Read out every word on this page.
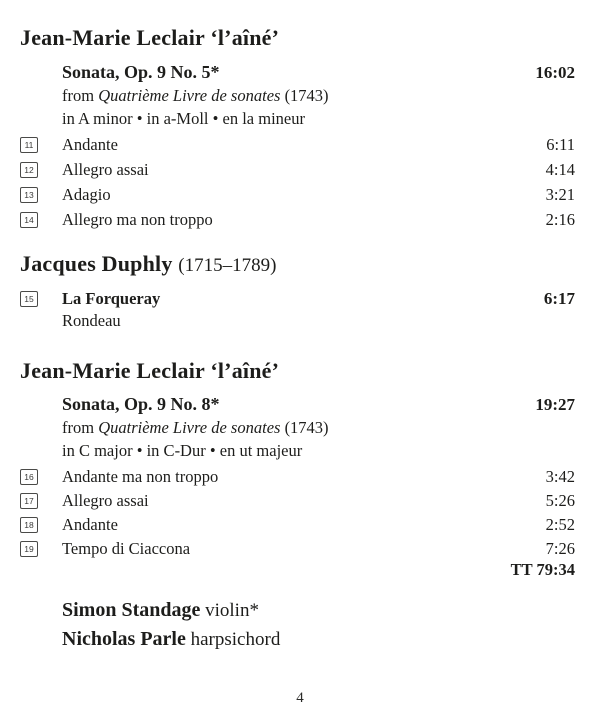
Jean-Marie Leclair ‘l’aîné’
Sonata, Op. 9 No. 5*	16:02
from Quatrième Livre de sonates (1743)
in A minor • in a-Moll • en la mineur
11 Andante	6:11
12 Allegro assai	4:14
13 Adagio	3:21
14 Allegro ma non troppo	2:16
Jacques Duphly (1715–1789)
15 La Forqueray	6:17
Rondeau
Jean-Marie Leclair ‘l’aîné’
Sonata, Op. 9 No. 8*	19:27
from Quatrième Livre de sonates (1743)
in C major • in C-Dur • en ut majeur
16 Andante ma non troppo	3:42
17 Allegro assai	5:26
18 Andante	2:52
19 Tempo di Ciaccona	7:26
TT 79:34
Simon Standage violin*
Nicholas Parle harpsichord
4
